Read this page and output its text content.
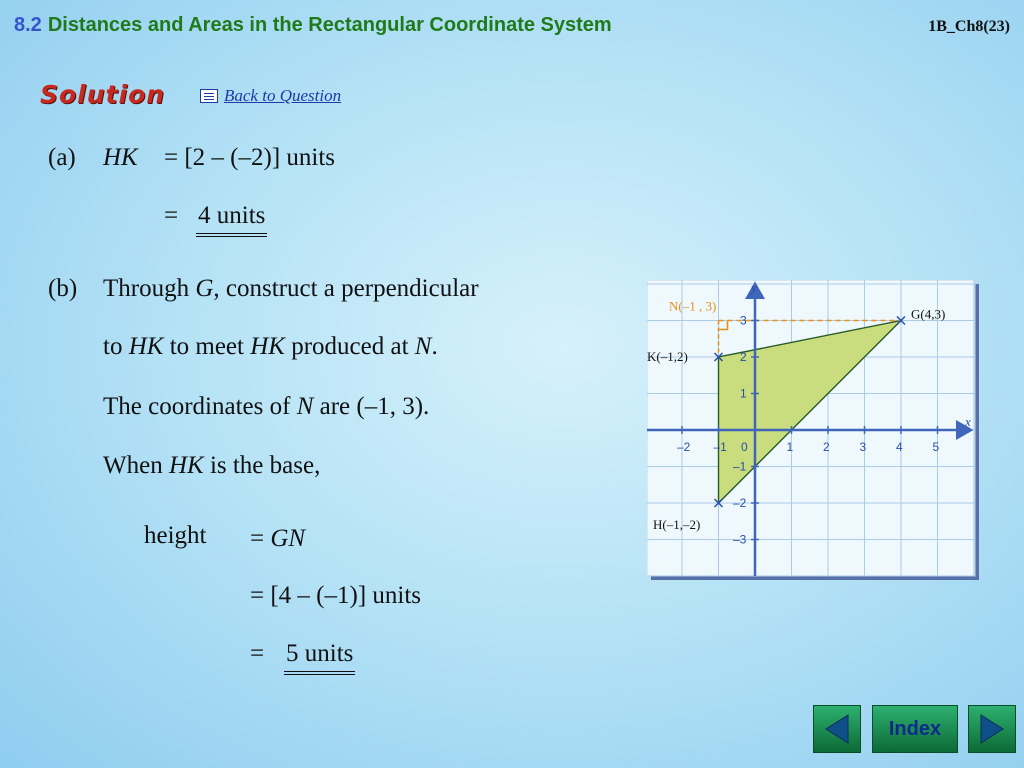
8.2 Distances and Areas in the Rectangular Coordinate System	1B_Ch8(23)
Solution	Back to Question
(a) HK = [2 – (–2)] units
= 4 units
(b) Through G, construct a perpendicular
to HK to meet HK produced at N.
The coordinates of N are (–1, 3).
When HK is the base,
height = GN
= [4 – (–1)] units
= 5 units
–2 –1 0	1 2 3 4 5
3
2
1
–1
–2
–3
G(4,3)
K(–1,2)
H(–1,–2)
N(–1 , 3)
x
y
Index
